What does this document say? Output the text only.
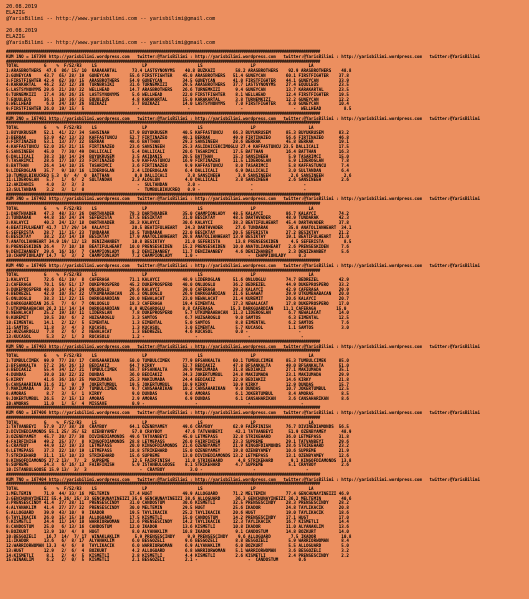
20.08.2019
ELAZIG
@YarisBilimi -- http://www.yarisbilimi.com -- yarisbilimi@gmail.com
20.08.2019
ELAZIG
@YarisBilimi -- http://www.yarisbilimi.com -- yarisbilimi@gmail.com
####################################################################################################################################################
KUM 1NO = 167398 http://yarisbilimi.wordpress.com   twitter:@YarisBilimi : http://yarisbilimi.wordpress.com   twitter:@YarisBilimi : http://yarisbilimi.wordpress.com   twitter:@YarisBilimi
####################################################################################################################################################
TOTAL          G    %  F/S2/R3    LS                  LP                    LS                   LP                     LA
1:ARASBROTHERS  47.6  86/ 15/ 10  KARAKARTAL      73.4 LASTSYNONYMS    40.8 BUZKAZI        58.2 ARASBROTHERS    92.9 ARASBROTHERS    48.8
2:GUNEYCAN     43.7  65/ 28/ 19  GUNEYCAN        55.6 FIRSTFIGHTER    45.0 ARASBROTHERS   51.4 GUNEYCAN        60.1 FIRSTFIGHTER    37.8
3:FIRSTFIGHTER 42.4  62/ 30/ 15  ARASBROTHERS    54.9 GUNEYCAN        34.5 GUNEYCAN       41.0 FIRSTFIGHTER    44.1 GUNEYCAN        33.9
4:KARAKARTAL   46.2  32/ 12/ 20  TURNBRSIKI      31.6 TURNEMKIZI      29.5 ARASBROTHERS   37.7 LASTSYNONYMS    27.4 EQUULEUS        23.5
5:LASTSYNONYMS 29.6  21/ 20/ 22  WELLHEAD        14.7 ARASBROTHERS    26.6 TURNEMKIZI      9.4 GUNEYCAN        13.7 KARAKARTAL      23.5
6:TURNEMKIZI   17.4  36/ 26/ 25  LASTSYNONYMS     5.6 WELLHEAD        22.0 FIRSTFIGHTER    8.1 WELLHEAD        12.4 FIRSTFIGHTER    19.5
7:EQUULEUS     36.1  10/ 36/ 31  EQUULEUS         4.8 KARAKARTAL      15.0 KARAKARTAL      3.8 TURNEMKIZI      12.2 GUNEYCAN        12.2
8:WELLHEAD      6.0  24/ 10/ 26  BUZKAZI          3.7 BUZKAZI         14.0 LASTSYNONYMS    7.0 FIRSTFIGHTER     8.0 GUNEYCAN        10.4
9:FIRSTFIGHTER 26.0  19/ 15/  5                     -                   -                    -                    -  WELLHEAD         8.5
####################################################################################################################################################
KUM 2NO = 167401 http://yarisbilimi.wordpress.com   twitter:@YarisBilimi : http://yarisbilimi.wordpress.com   twitter:@YarisBilimi : http://yarisbilimi.wordpress.com   twitter:@YarisBilimi
####################################################################################################################################################
TOTAL          G    %  F/S2/R3    LS                  LP                    LS                   LP                     LA
1:BUYUKRUSEM   52.1  41/ 22/ 34  SAHSINAH        57.9 BUYUKRUSEM      40.5 KAFFASTUNCU    66.3 BUYUKRUSEM      85.3 BUYUKRUSEM      83.2
2:BERRAK       53.9  42/ 13/ 23  KAFFASTUNCU     52.7 FIRTINAZEO      40.1 BERRAK         49.9 FIRTINAZEO      56.6 FIRTINAZEO      46.8
3:FIRTINAZEO   53.1  13/ 37/ 22  BERRAK          48.6 BATTHAN         29.3 SANSINEEH      28.6 BERRAK          45.8 BERRAK          19.1
4:KAFFASTUNCU  52.0  25/ 21/ 15  FIRTINAZEO      23.6 SANSINEEH       25.3 ASLIDAICEKCIMOGLU 27.4 KAFFASTUNCU 23.5 DALLICALI        17.5
5:SANSINEEH    45.0   7/ 30/ 49  DALLICALI        5.4 DALLICALI       20.6 TASARIMCI      17.5 BATTHAN         16.4 BATTHAN         16.3
6:DALLICALI    38.3  10/ 14/ 24  BUYUKRUSEM       3.5 AKIDANIS        20.5 BATTHAN        15.3 SANSINEEH        5.9 TASARIMCI       15.0
7:TASARIMCI    28.6  17/ 10/ 23  FIRTINAZEO       5.9 KAFFASTUNCU     16.9 FIRTINAZEO     11.5 LIDEROGLAN       5.9 LIDEROGLAN       7.8
8:BATTHAN      26.4  14/ 10/ 25  TASARIMCI        3.6 FIRTINAZEO       9.9 KAFFASTUNCU     8.0 TASARIMCI        5.8 KAFFASTUNCU      7.4
9:LIDEROGLAN   35.7   9/ 10/ 16  LIDEROGLAN       2.4 LIDEROGLAN       6.4 DALLICALI       6.9 DALLICALI        3.0 SULTANDAN        6.4
10:TUMBULBIKUCREQ 5.3  0/  4/  0  BATTHAN          0.0 DALLICALI        3.8 SANSINEEH       3.8 SANSINEEH        2.6 SANSINEEH        2.6
11:LIDEROGLAN   5.7   1/  6/  2  SULTANDAN        2.3 ALOGLUN          4.0 DALLICALI       3.8 SANSINEEH        2.6 SANSINEEH        2.6
12:AKIDANIS     4.0   3/  3/  3                     -  SULTANDAN        3.0 -                    -                    -
13:SULTANDAN    3.2   3/  1/  0                     -  TUMBULBIKUCREQ   0.9 -                    -                    -
####################################################################################################################################################
KUM 3NO = 167402 http://yarisbilimi.wordpress.com   twitter:@YarisBilimi : http://yarisbilimi.wordpress.com   twitter:@YarisBilimi : http://yarisbilimi.wordpress.com   twitter:@YarisBilimi
####################################################################################################################################################
TOTAL          G    %  F/S2/R3    LS                  LP                    LS                   LP                     LA
1:DARTHVADER   47.3  48/ 33/ 26  DARTHVADER      78.3 DARTHVADER      35.0 CHAMPIONLADY   48.5 KALAYCI         86.7 KALAYCI         74.2
2:TUNDARAK     44.8  16/ 24/ 24  SEFERISTA       57.5 BESIKTAY        31.0 BESIKTAY       48.5 DARTHVADER      48.9 TUNDARAK        42.3
3:KALAYCI      40.3  24/ 13/ 18  DARTHVADER      38.3 KALAYCI         30.6 KALAYCI        38.3 BEATIFULHEART   45.4 DARTHVADER      37.8
4:BEATIFULHEART 41.7  17/ 29/ 14  KALAYCI         20.5 BEATIFULHEART   24.3 DARTHVADER     27.6 TUNDARAK        35.8 ANATOLIANHEART  34.1
5:SEFERISTA    28.7  11/ 15/ 23  TUNDARAK        18.5 TUNDARAK        22.0 BESIKTAY       20.5 SEFERISTA       27.2 BESIKTAY        21.2
6:BESIKTAY     38.2  23/ 14/ 19  BESIKTAY        17.9 ANATOLIANHEART  20.8 ANATOLIANHEART 13.9 BESIKTAY        19.1 BEATIFULHEART   21.0
7:ANATOLIANHEART 34.9 19/ 12/ 13  DENIZHANBEY     10.8 BESIKTAY        21.0 SEFERISTA      13.8 PRENSESKIDEN     4.5 SEFERISTA        8.5
8:PRENSESKIDEN 26.4   7/ 10/ 10  BEATIFULHEART   10.0 PRENSESKIDEN    15.2 PRENSESKIDEN   10.0 ANATOLIANHEART   2.6 PRENSESKIDEN     7.6
9:DENIZHANBEY  29.6  16/ 16/  7  CHAMPIONLADY     8.2 DENIZHANBEY     11.7 DENIZHANBEY     4.6 DENIZHANBEY      2.3 DENIZHANBEY      5.6
10:CHAMPIONLADY 14.7  5/  3/  2  CHAMPIONLADY     7.2 CHAMPIONLADY     1.0 -                    -  CHAMPIONLADY     0.3
####################################################################################################################################################
KUM 4NO = 167405 http://yarisbilimi.wordpress.com   twitter:@YarisBilimi : http://yarisbilimi.wordpress.com   twitter:@YarisBilimi : http://yarisbilimi.wordpress.com   twitter:@YarisBilimi
####################################################################################################################################################
TOTAL          G    %  F/S2/R3    LS                  LP                    LS                   LP                     LA
1:KALAYCI      72.6  61/ 19/  8  CAFERAGA        71.1 KALAYCI         48.9 LIDEROGLAN     51.6 ONLUOGLU        74.7 BEDREZEL        42.9
2:CAFERAGA     70.1  56/ 51/ 17  DUKEPROSPERO    45.2 DUKEPROSPERO    40.0 ONLUOGLU       36.2 BEDREZEL        44.9 DUKEPROSPERO    33.2
3:DUKEPROSPERO 48.0  14/ 41/ 24  ONLUOGLU        29.6 KALAYCI         39.0 CAFERAGA       29.3 KALAYCI         42.9 CAFERAGA        29.9
4:BEDREZEL     42.0  10/ 35/ 22  UTKUMBAABACAN   26.3 ONLUOGLU        26.9 DARKGUARDIAN   21.6 ELHAWAT         29.9 UTKUMBAABACAN   20.0
5:ONLUOGLU     38.3  11/ 22/ 15  DARKGUARDIAN    20.0 NEWALACAT       23.0 NEWALACAT      21.4 KUREMIT         20.6 KALAYCI         20.7
6:DARKGUARDIAN 26.5   7/  6/  7  ONLUOGLU        18.3 CAFERAGA        19.4 EIMENTAL       17.3 NEWALACAT       17.8 DUKEPROSPERO    17.0
7:UTKUMBAABACAN 26.2 11/ 14/ 14  DARKGUARDIAN    8.8 HUZGAROGLU       8.8 CAFERAGA       15.3 DARKGUARDIAN    11.1 CAFERAGA        15.0
8:NEWALACAT    25.2  19/ 18/ 11  LIDERGLAN        7.8 DUKEPROSPERO     5.7 UTKUMBAABACAN  11.3 LIDEROGLAN       6.7 NEWALACAT       14.0
9:KUREMIT      19.5  20/  6/  2  HUZGAROGLU       3.3 SAMTOS           6.7 HUZGAROGLU      9.0 SAMTOS           6.3 EIMENTAL        12.5
10:EIMENTAL    14.1   2/ 12/  5  EIMENTAL         1.3 EIMENTAL         5.0 SAMTOS          8.8 EIMENTAL         6.2 SAMTOS           7.6
11:SAMTOS      11.8   3/  4/  3  KUCASOL          1.3 KUCASOL          3.0 EIMENTAL        5.7 KUCASOL          1.1 SAMTOS           3.0
12:HUZGAROGLU   7.8   2/  6/  2  NEWALACAT        1.3 BEDREZEL         4.6 KUCASOL         0.0 -                    -
13:KUCASOL      5.3   2/  1/  3  RUCASOLU         1.2 -                    -                    -                    -
####################################################################################################################################################
KUM 5NO = 167403 http://yarisbilimi.wordpress.com   twitter:@YarisBilimi : http://yarisbilimi.wordpress.com   twitter:@YarisBilimi : http://yarisbilimi.wordpress.com   twitter:@YarisBilimi
####################################################################################################################################################
TOTAL          G    %  F/S2/R3    LS                  LP                    LS                   LP                     LA
1:TUMBULCIMEK  99.9  77/ 28/ 17  CANSAHARIKAN    50.0 TUMBULCIMEK     77.9 BFSANKALTA     60.1 TUMBULCIMEK     85.3 TUMBULCIMEK     85.0
2:BFSANKALTA   57.2  36/ 26/ 13  BEDIAKIZ        64.7 KIRKY           52.7 BEDIAKIZ       47.8 BFSANKALTA      49.0 BFSANKALTA      51.0
3:BEDIAKIZ     55.4  34/ 12/ 21  TUMBULCIMEK     58.7 BFSANKALTA      39.9 MAKIUMADA      31.8 BEDIAKIZ        27.1 MAKIUMADA       35.1
4:DUNDAS       39.0  10/ 22/ 22  DUNDAS          36.0 BEDIAKIZ        34.3 JOKERTUMBUL    24.8 MAKIUMADA       23.1 MAKIUMADA       29.9
5:KIRKY        41.6  36/ 16/ 25  MAKIUMADA       25.3 MAKIUMADA       24.4 BEDIAKIZ       22.9 BEDIAKIZ        14.6 KIRKY           21.8
6:CANSAHARIKAN 31.6  21/  9/  9  JOKERTUMBUL     19.5 JOKERTUMBUL     10.9 KIRKY          10.9 KIRKY           12.9 DUNDAS          15.7
7:MAKIUMADA    30.7   5/ 19/ 27  TUMBULCIMEK      9.7 CANSAHARIKAN    10.2 CANSAHARIKAN    9.0 DUNDAS          10.7 JOKERTUMBUL     12.5
8:AMORAS        8.7   3/  5/  1  KIRKY            9.0 DUNDAS           9.6 AMORAS          6.1 JOKERTUMBUL      8.4 AMORAS           8.5
9:JOKERTUMBUL  26.5   2/ 15/ 13  AMORAS           2.9 AMORAS           6.9 DUNDAS          6.1 CANSAHARIKAN     3.6 CANSAHARIKAN     8.6
10:AMORAS      11.0   1/  5/  4  MISSAVE          0.9 -                    -                    -                    -
####################################################################################################################################################
KUM 6NO = 167406 http://yarisbilimi.wordpress.com   twitter:@YarisBilimi : http://yarisbilimi.wordpress.com   twitter:@YarisBilimi : http://yarisbilimi.wordpress.com   twitter:@YarisBilimi
####################################################################################################################################################
TOTAL          G    %  F/S2/R3    LS                  LP                    LS                   LP                     LA
1:TATVANBEYI   57.9  27/ 38/ 28  CRAYBOY         64.1 OZENBYAMEY      49.6 CRAYBOY        62.9 FAIRFINISH      76.7 DIVINEDIAMONDS  56.5
2:DIVINEDIAMONDS 55.1 25/ 35/ 52  OZENBYAMEY      57.0 CRAYBOY         47.6 TATVANBEYI     42.1 TATVANBEYI      51.9 OZENBYAMEY      48.9
3:OZENBYAMEY   45.7  20/ 27/ 30  DIVINEDIAMONDS  49.6 TATVANBEYI      45.0 LETMEPASS      32.8 STRIKEHARD      36.0 LETMEPASS       31.8
4:FAIRFINISH   49.2  25/ 37/  8  KINGOFDIAMONDS  28.8 LETMEPASS       26.0 FAIRFINISH     23.3 SUPREME         29.1 TATVANBEYI      29.6
5:CRAYBOY      44.9  12/ 19/ 23  LETMEPASS       20.0 KINGOFDIAMONDS  21.6 OZENBYAMEY     21.9 KINGOFDIAMONDS  28.6 STRIKEHARD      23.2
6:LETMEPASS    37.3  22/ 18/ 19  LETMEPASS       18.8 STRIKEHARD      15.0 OZENBYAMEY     19.8 OZENBYAMEY      10.6 SUPREME         21.9
7:STRIKEHARD   31.1  15/ 10/ 23  STRIKEHARD      15.6 SUPREME         13.0 DIVINEDIAMONDS 13.2 LETMEPASS       13.1 OZENBYAMEY      12.6
8:KINGOFDIAMONDS 27.2 13/  7/  2  SUPREME         12.5 FAIRFINISH      11.0 STRIKEHARD      4.8 STRIKEHARD       9.1 KINGOFDIAMONDS  13.8
9:SUPREME      24.3   6/ 16/ 13  FAIRFINISH       5.9 ISTANBULGOOSE    8.1 STRIKEHARD      4.7 SUPREME          5.1 CRAYBOY          2.6
10:ISTANBULGOOSE 15.9 13/  3/  3                     -  CRAYBOY          3.0 -                    -                    -
####################################################################################################################################################
KUM 7NO = 167404 http://yarisbilimi.wordpress.com   twitter:@YarisBilimi : http://yarisbilimi.wordpress.com   twitter:@YarisBilimi : http://yarisbilimi.wordpress.com   twitter:@YarisBilimi
####################################################################################################################################################
TOTAL          G    %  F/S2/R3    LS                  LP                    LS                   LP                     LA
1:MELTEMIN     71.9  44/ 33/ 16  MELTEMIN        57.4 HUGT            49.9 ALLOGUARD      71.2 MELTEMIN        77.4 GENCHUNAYINEIZI 46.9
2:GENCHUNAYINEIZI 55.4 26/ 25/ 23 GENCHUNAYINEIZI 35.6 GENCHUNAYINEIZI 38.6 ALLOGUARD      36.3 GENCHUNAYINEIZI 36.2 MELTEMIN        40.6
3:PRENSESCINDY 41.4  27/ 28/ 11  PRENSESCINDY    31.0 CANDOSTUM       30.6 KISMETLI       32.5 PRENSESCINDY    28.3 PRENSESCINDY    28.2
4:ALYANAKLIM   41.4  27/ 27/ 22  PRENSESCINDY    30.0 MELTEMIN        29.5 HUGT           25.6 IKADOR          24.8 TAYLIKACIK      20.8
5:ALLOGUARD    39.9  43/ 10/  9  IKADOR          19.5 TAYLIKACIK      25.2 TAYLIKACIK     20.6 HUGT            19.0 TAYLIKACIK      18.6
6:TAYLIKACIK   26.0  15/ 15/ 10  ALLOGUARD       17.5 KISMETLI        15.0 CANDOSTUM      14.2 PRENSESCINDY    17.1 HUGT            17.0
7:KISMETLI     24.4  11/ 14/ 10  WARRIORWOMAN    12.6 PRENSESCINDY    14.2 TAYLIKACIK     12.3 TAYLIKACIK      16.7 KISMETLI        14.4
8:CANDOSTUM    25.0   6/ 13/ 16  CANDOSTUM       12.0 IKADOR          13.6 KISMETLI       10.8 IKADOR          11.0 ALYANAKLIM      13.6
9:BOZKURT      13.9  10/  4/  8  HUGT             8.0 ALYANAKLIM      10.8 IKADOR          9.1 CANDOSTUM       14.8 BOZKURT         14.0
10:BESGOZELI    16.7  14/  7/ 17  WINAKLAKLIM      5.9 PRENSESCINDY     9.9 PRENSESCINDY    9.6 ALLOGUARD        7.5 IKADOR          10.8
11:IKADOR      13.6   6/  8/ 17  ALYANAKLIM       6.0 BESGOZELI        9.6 BESGOZELI       8.8 BESGOZELI        5.9 WARRIORWOMAN     8.4
12:WARRIORWOMAN 13.3  4/  6/  8  TAYLIKACIK       6.0 WARRIORWOMAN     6.9 ALYANAKLIM      6.0 BOZKURT          5.5 ALLOGUARD        5.0
13:HUGT        12.9   2/  6/  4  BOZKURT          4.2 ALLOGUARD        6.8 WARRIORWOMAN    5.1 WARRIORWOMAN     3.6 BESGOZELI        3.2
14:KISMETLI     8.1   2/  4/  5  KISMETLI         2.8 KISMETLI         4.4 KISMETLI        2.6 KISMETLI         2.4 PRENSESCINDY     2.2
15:WINAKLIM     6.2   2/  0/  5  KISMETLI         2.1 BESGOZELI        2.1 -                    -  CANDOSTUM        0.6
